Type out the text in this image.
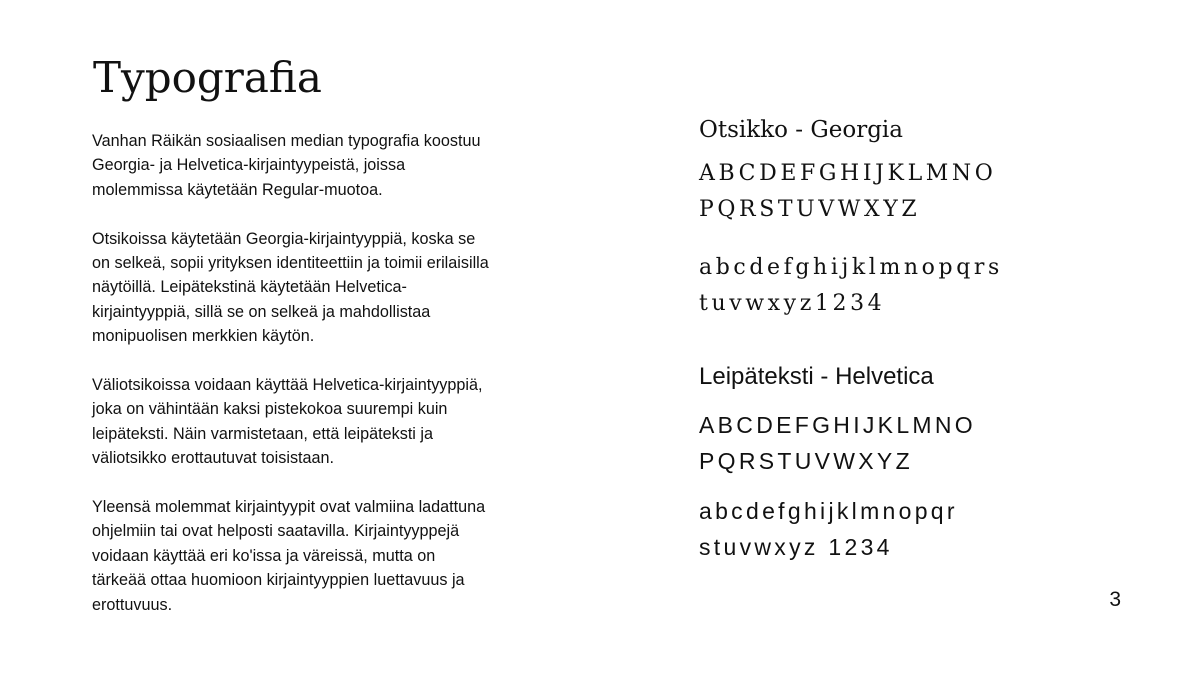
Typografia

Vanhan Räikän sosiaalisen median typografia koostuu
Georgia- ja Helvetica-kirjaintyypeistä, joissa
molemmissa käytetään Regular-muotoa.

Otsikoissa käytetään Georgia-kirjaintyyppiä, koska se
on selkeä, sopii yrityksen identiteettiin ja toimii erilaisilla
näytöillä. Leipätekstinä käytetään Helvetica-
kirjaintyyppiä, sillä se on selkeä ja mahdollistaa
monipuolisen merkkien käytön.

Väliotsikoissa voidaan käyttää Helvetica-kirjaintyyppiä,
joka on vähintään kaksi pistekokoa suurempi kuin
leipäteksti. Näin varmistetaan, että leipäteksti ja
väliotsikko erottautuvat toisistaan.

Yleensä molemmat kirjaintyypit ovat valmiina ladattuna
ohjelmiin tai ovat helposti saatavilla. Kirjaintyyppejä
voidaan käyttää eri ko'issa ja väreissä, mutta on
tärkeää ottaa huomioon kirjaintyyppien luettavuus ja
erottuvuus.

Otsikko - Georgia
ABCDEFGHIJKLMNO
PQRSTUVWXYZ
abcdefghijklmnopqrs
tuvwxyz1234
Leipäteksti - Helvetica
ABCDEFGHIJKLMNO
PQRSTUVWXYZ
abcdefghijklmnopqr
stuvwxyz 1234
3
